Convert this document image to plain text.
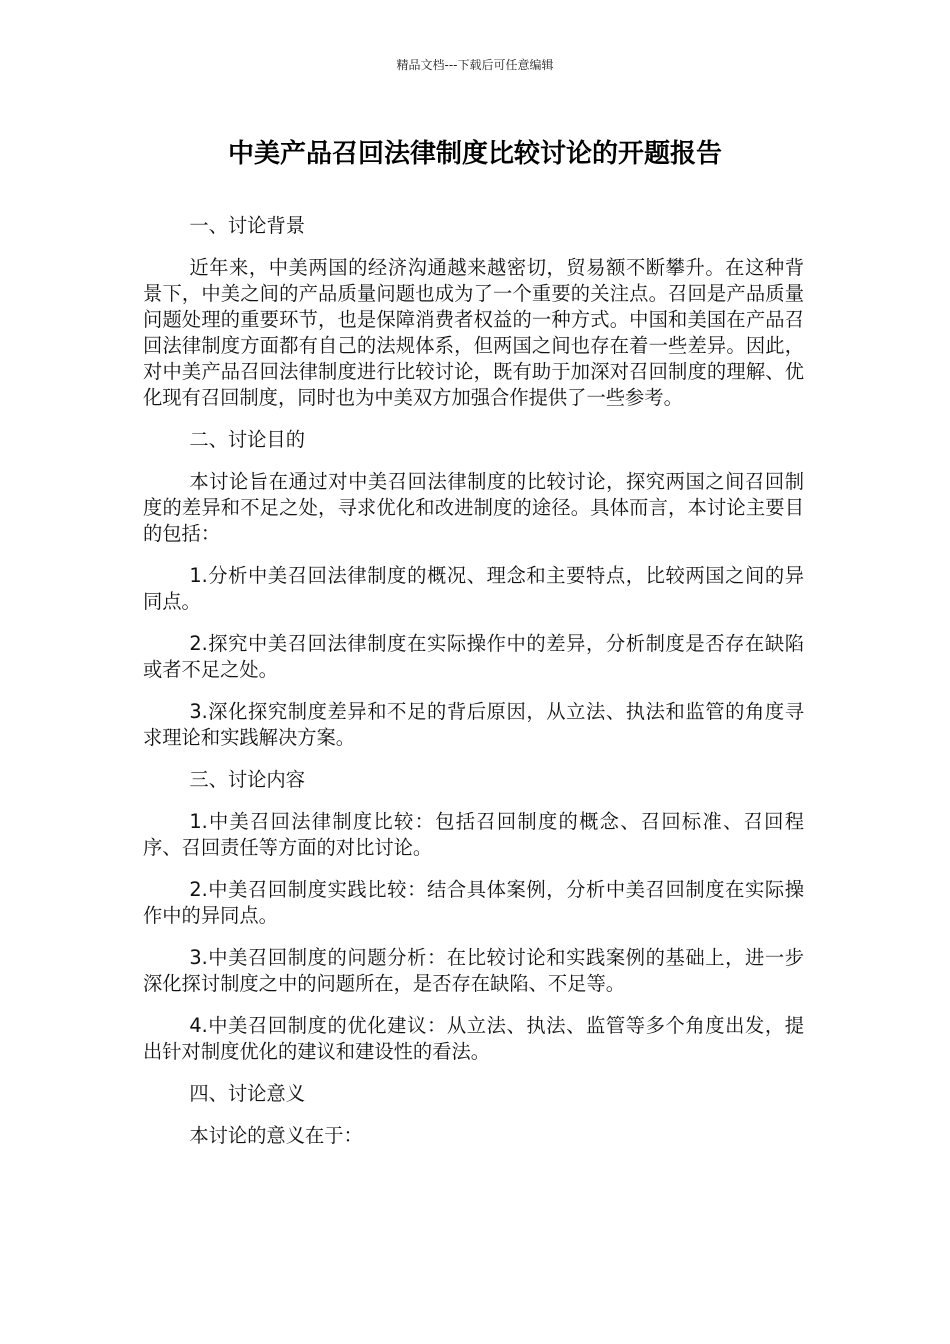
精品文档---下载后可任意编辑
中美产品召回法律制度比较讨论的开题报告

一、讨论背景

近年来，中美两国的经济沟通越来越密切，贸易额不断攀升。在这种背景下，中美之间的产品质量问题也成为了一个重要的关注点。召回是产品质量问题处理的重要环节，也是保障消费者权益的一种方式。中国和美国在产品召回法律制度方面都有自己的法规体系，但两国之间也存在着一些差异。因此，对中美产品召回法律制度进行比较讨论，既有助于加深对召回制度的理解、优化现有召回制度，同时也为中美双方加强合作提供了一些参考。

二、讨论目的

本讨论旨在通过对中美召回法律制度的比较讨论，探究两国之间召回制度的差异和不足之处，寻求优化和改进制度的途径。具体而言，本讨论主要目的包括：

1.分析中美召回法律制度的概况、理念和主要特点，比较两国之间的异同点。

2.探究中美召回法律制度在实际操作中的差异，分析制度是否存在缺陷或者不足之处。

3.深化探究制度差异和不足的背后原因，从立法、执法和监管的角度寻求理论和实践解决方案。

三、讨论内容

1.中美召回法律制度比较：包括召回制度的概念、召回标准、召回程序、召回责任等方面的对比讨论。

2.中美召回制度实践比较：结合具体案例，分析中美召回制度在实际操作中的异同点。

3.中美召回制度的问题分析：在比较讨论和实践案例的基础上，进一步深化探讨制度之中的问题所在，是否存在缺陷、不足等。

4.中美召回制度的优化建议：从立法、执法、监管等多个角度出发，提出针对制度优化的建议和建设性的看法。

四、讨论意义

本讨论的意义在于：
